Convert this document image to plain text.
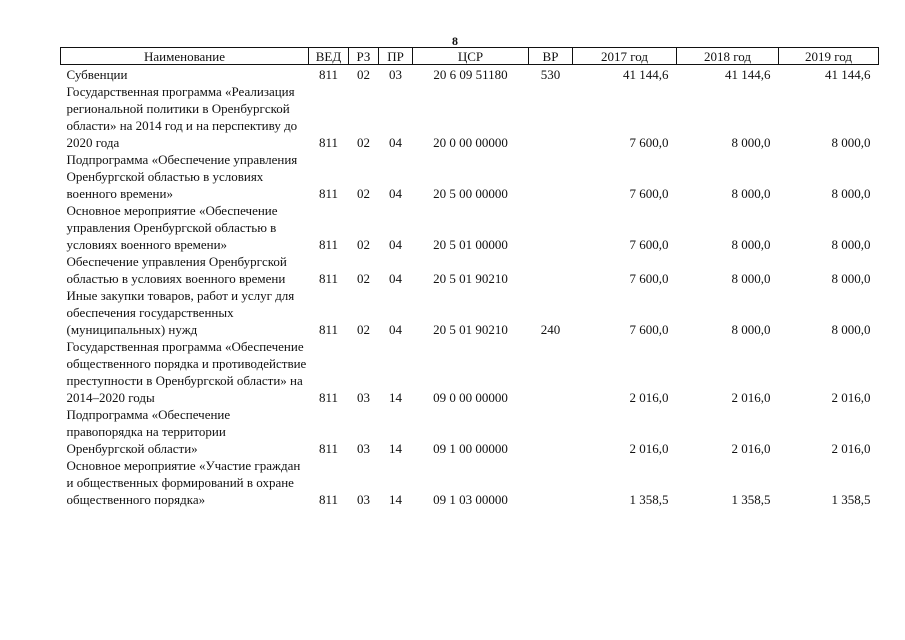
8
Наименование	ВЕД	РЗ	ПР	ЦСР	ВР	2017 год	2018 год	2019 год
Субвенции	811	02	03	20 6 09 51180	530	41 144,6	41 144,6	41 144,6
Государственная программа «Реализация региональной политики в Оренбургской области» на 2014 год и на перспективу до 2020 года	811	02	04	20 0 00 00000		7 600,0	8 000,0	8 000,0
Подпрограмма «Обеспечение управления Оренбургской областью в условиях военного времени»	811	02	04	20 5 00 00000		7 600,0	8 000,0	8 000,0
Основное мероприятие «Обеспечение управления Оренбургской областью в условиях военного времени»	811	02	04	20 5 01 00000		7 600,0	8 000,0	8 000,0
Обеспечение управления Оренбургской областью в условиях военного времени	811	02	04	20 5 01 90210		7 600,0	8 000,0	8 000,0
Иные закупки товаров, работ и услуг для обеспечения государственных (муниципальных) нужд	811	02	04	20 5 01 90210	240	7 600,0	8 000,0	8 000,0
Государственная программа «Обеспечение общественного порядка и противодействие преступности в Оренбургской области» на 2014–2020 годы	811	03	14	09 0 00 00000		2 016,0	2 016,0	2 016,0
Подпрограмма «Обеспечение правопорядка на территории Оренбургской области»	811	03	14	09 1 00 00000		2 016,0	2 016,0	2 016,0
Основное мероприятие «Участие граждан и общественных формирований в охране общественного порядка»	811	03	14	09 1 03 00000		1 358,5	1 358,5	1 358,5
